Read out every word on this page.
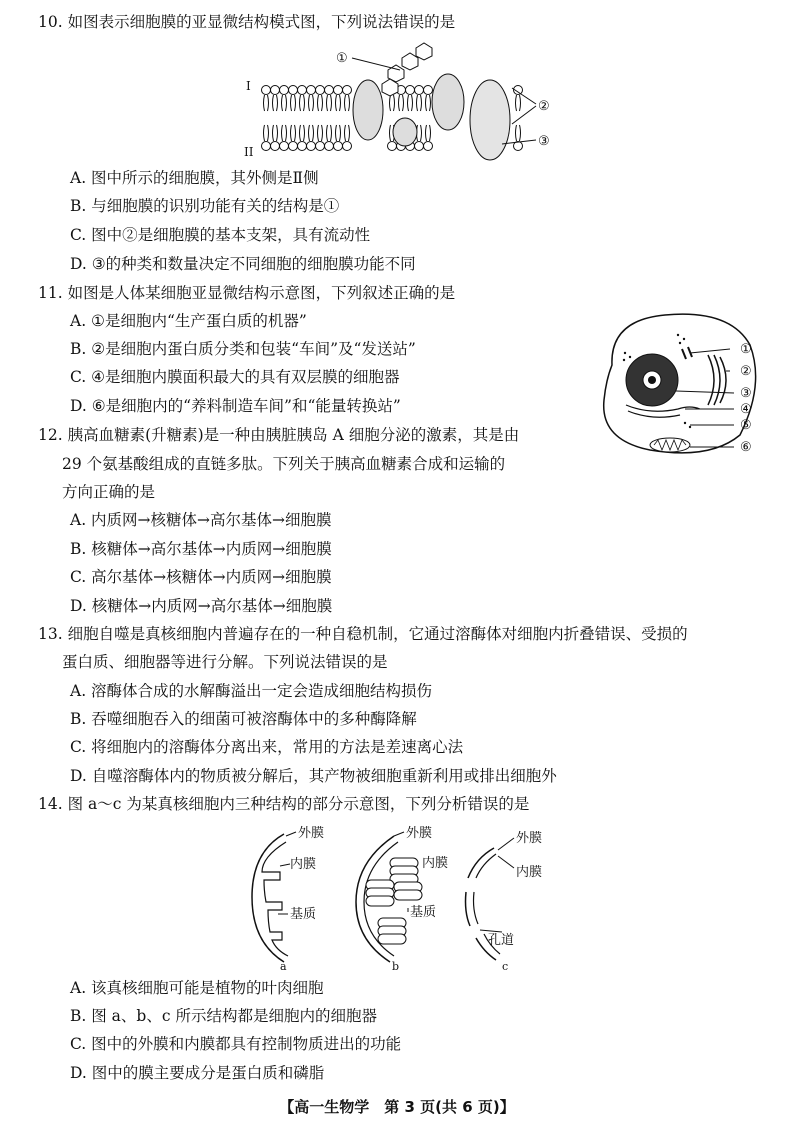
10. 如图表示细胞膜的亚显微结构模式图，下列说法错误的是
①
②
③
I
II
A. 图中所示的细胞膜，其外侧是Ⅱ侧
B. 与细胞膜的识别功能有关的结构是①
C. 图中②是细胞膜的基本支架，具有流动性
D. ③的种类和数量决定不同细胞的细胞膜功能不同
11. 如图是人体某细胞亚显微结构示意图，下列叙述正确的是
A. ①是细胞内“生产蛋白质的机器”
B. ②是细胞内蛋白质分类和包装“车间”及“发送站”
C. ④是细胞内膜面积最大的具有双层膜的细胞器
D. ⑥是细胞内的“养料制造车间”和“能量转换站”
①
②
③
④
⑤
⑥
12. 胰高血糖素(升糖素)是一种由胰脏胰岛 A 细胞分泌的激素，其是由
29 个氨基酸组成的直链多肽。下列关于胰高血糖素合成和运输的
方向正确的是
A. 内质网→核糖体→高尔基体→细胞膜
B. 核糖体→高尔基体→内质网→细胞膜
C. 高尔基体→核糖体→内质网→细胞膜
D. 核糖体→内质网→高尔基体→细胞膜
13. 细胞自噬是真核细胞内普遍存在的一种自稳机制，它通过溶酶体对细胞内折叠错误、受损的
蛋白质、细胞器等进行分解。下列说法错误的是
A. 溶酶体合成的水解酶溢出一定会造成细胞结构损伤
B. 吞噬细胞吞入的细菌可被溶酶体中的多种酶降解
C. 将细胞内的溶酶体分离出来，常用的方法是差速离心法
D. 自噬溶酶体内的物质被分解后，其产物被细胞重新利用或排出细胞外
14. 图 a～c 为某真核细胞内三种结构的部分示意图，下列分析错误的是
外膜
内膜
基质
a
外膜
内膜
基质
b
外膜
内膜
孔道
c
A. 该真核细胞可能是植物的叶肉细胞
B. 图 a、b、c 所示结构都是细胞内的细胞器
C. 图中的外膜和内膜都具有控制物质进出的功能
D. 图中的膜主要成分是蛋白质和磷脂
【高一生物学　第 3 页(共 6 页)】
